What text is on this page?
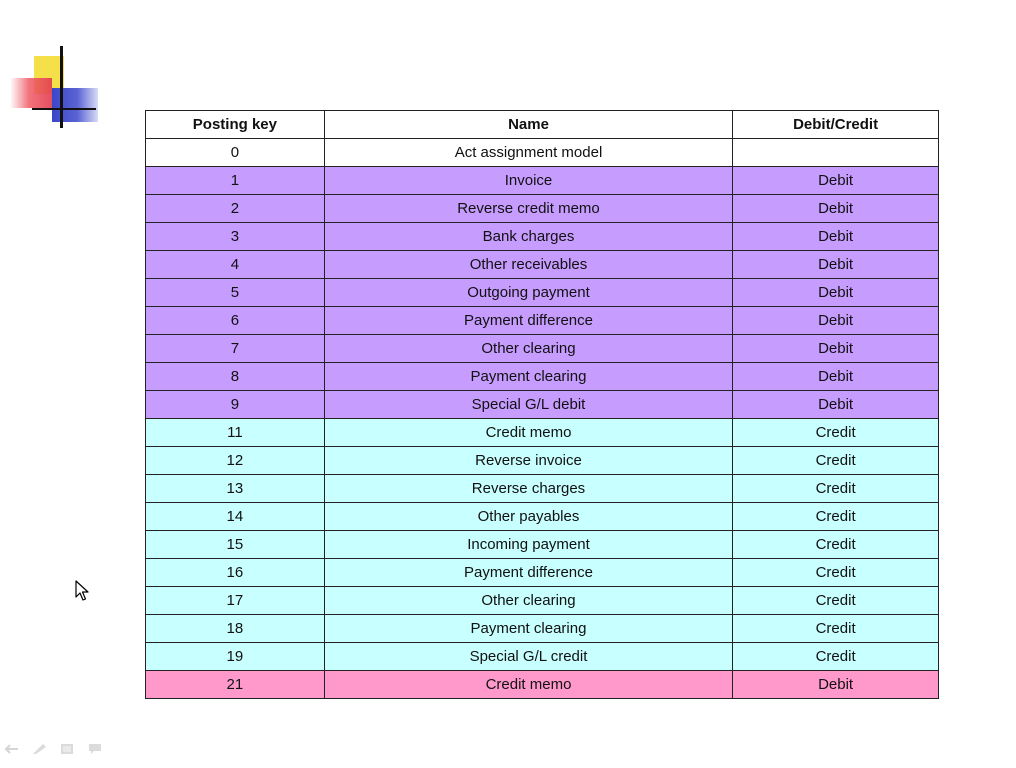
Posting key	Name	Debit/Credit
0	Act assignment model	
1	Invoice	Debit
2	Reverse credit memo	Debit
3	Bank charges	Debit
4	Other receivables	Debit
5	Outgoing payment	Debit
6	Payment difference	Debit
7	Other clearing	Debit
8	Payment clearing	Debit
9	Special G/L debit	Debit
11	Credit memo	Credit
12	Reverse invoice	Credit
13	Reverse charges	Credit
14	Other payables	Credit
15	Incoming payment	Credit
16	Payment difference	Credit
17	Other clearing	Credit
18	Payment clearing	Credit
19	Special G/L credit	Credit
21	Credit memo	Debit
